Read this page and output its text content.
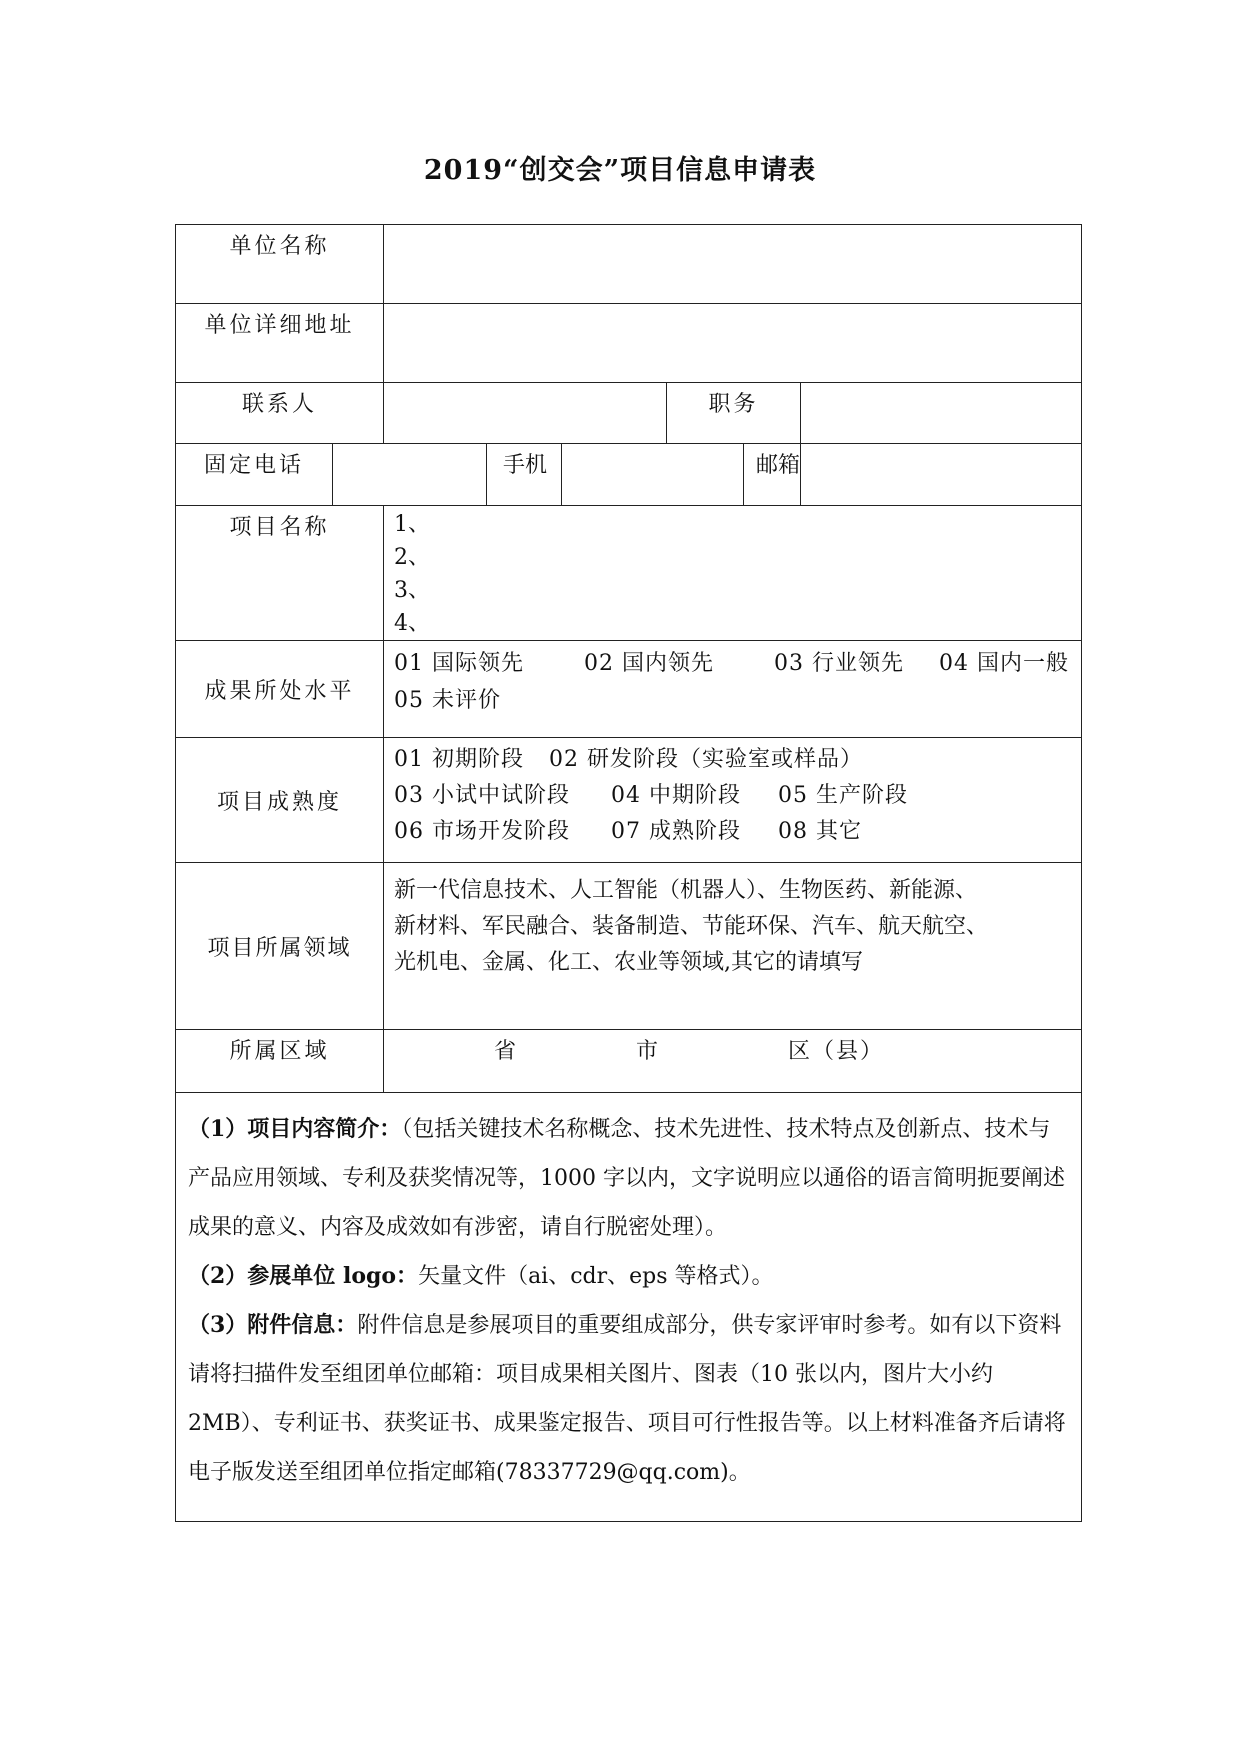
2019“创交会”项目信息申请表
单位名称							
单位详细地址							
联系人					职务		
固定电话			手机			邮箱	
项目名称		1、
2、
3、
4、					

成果所处水平		01 国际领先 02 国内领先 03 行业领先 04 国内一般
05 未评价					

项目成熟度		01 初期阶段 02 研发阶段（实验室或样品）
03 小试中试阶段 04 中期阶段 05 生产阶段
06 市场开发阶段 07 成熟阶段 08 其它					

项目所属领域		新一代信息技术、人工智能（机器人）、生物医药、新能源、
新材料、军民融合、装备制造、节能环保、汽车、航天航空、
光机电、金属、化工、农业等领域,其它的请填写					

所属区域		省 市 区（县）					

（1）项目内容简介：（包括关键技术名称概念、技术先进性、技术特点及创新点、技术与产品应用领域、专利及获奖情况等，1000 字以内，文字说明应以通俗的语言简明扼要阐述成果的意义、内容及成效如有涉密，请自行脱密处理）。
（2）参展单位 logo：矢量文件（ai、cdr、eps 等格式）。
（3）附件信息：附件信息是参展项目的重要组成部分，供专家评审时参考。如有以下资料请将扫描件发至组团单位邮箱：项目成果相关图片、图表（10 张以内，图片大小约 2MB）、专利证书、获奖证书、成果鉴定报告、项目可行性报告等。以上材料准备齐后请将电子版发送至组团单位指定邮箱(78337729@qq.com)。							
